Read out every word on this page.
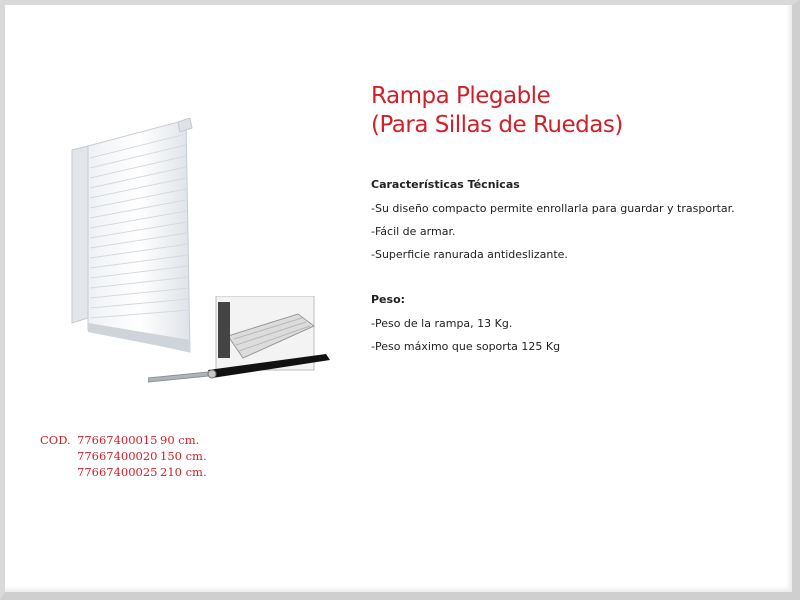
Rampa Plegable
(Para Sillas de Ruedas)
Características Técnicas
-Su diseño compacto permite enrollarla para guardar y trasportar.
-Fácil de armar.
-Superficie ranurada antideslizante.
Peso:
-Peso de la rampa, 13 Kg.
-Peso máximo que soporta 125 Kg
COD. 77667400015 90 cm.
77667400020 150 cm.
77667400025 210 cm.
